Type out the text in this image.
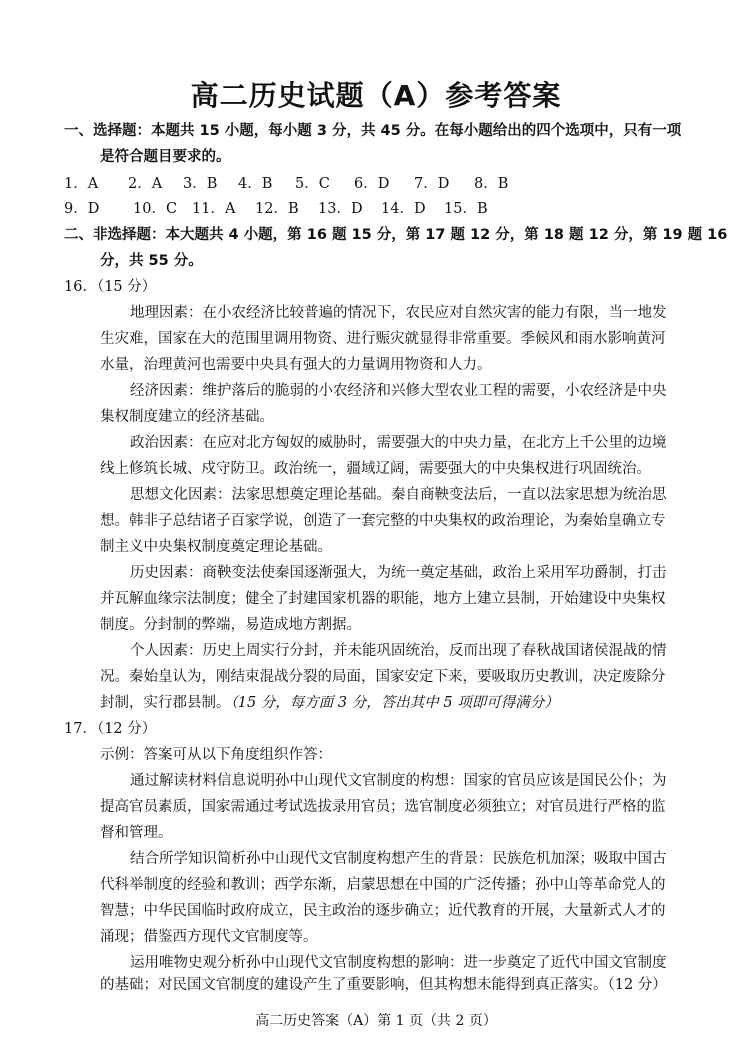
高二历史试题（A）参考答案
一、选择题：本题共 15 小题，每小题 3 分，共 45 分。在每小题给出的四个选项中，只有一项
是符合题目要求的。
1．A 2．A 3．B 4．B 5．C 6．D 7．D 8．B
9．D 10．C 11．A 12．B 13．D 14．D 15．B
二、非选择题：本大题共 4 小题，第 16 题 15 分，第 17 题 12 分，第 18 题 12 分，第 19 题 16
分，共 55 分。
16．（15 分）
地理因素：在小农经济比较普遍的情况下，农民应对自然灾害的能力有限，当一地发
生灾难，国家在大的范围里调用物资、进行赈灾就显得非常重要。季候风和雨水影响黄河
水量，治理黄河也需要中央具有强大的力量调用物资和人力。
经济因素：维护落后的脆弱的小农经济和兴修大型农业工程的需要，小农经济是中央
集权制度建立的经济基础。
政治因素：在应对北方匈奴的威胁时，需要强大的中央力量，在北方上千公里的边境
线上修筑长城、戍守防卫。政治统一，疆域辽阔，需要强大的中央集权进行巩固统治。
思想文化因素：法家思想奠定理论基础。秦自商鞅变法后，一直以法家思想为统治思
想。韩非子总结诸子百家学说，创造了一套完整的中央集权的政治理论，为秦始皇确立专
制主义中央集权制度奠定理论基础。
历史因素：商鞅变法使秦国逐渐强大，为统一奠定基础，政治上采用军功爵制，打击
并瓦解血缘宗法制度；健全了封建国家机器的职能，地方上建立县制，开始建设中央集权
制度。分封制的弊端，易造成地方割据。
个人因素：历史上周实行分封，并未能巩固统治，反而出现了春秋战国诸侯混战的情
况。秦始皇认为，刚结束混战分裂的局面，国家安定下来，要吸取历史教训，决定废除分
封制，实行郡县制。（15 分，每方面 3 分，答出其中 5 项即可得满分）
17．（12 分）
示例：答案可从以下角度组织作答：
通过解读材料信息说明孙中山现代文官制度的构想：国家的官员应该是国民公仆；为
提高官员素质，国家需通过考试选拔录用官员；选官制度必须独立；对官员进行严格的监
督和管理。
结合所学知识简析孙中山现代文官制度构想产生的背景：民族危机加深；吸取中国古
代科举制度的经验和教训；西学东渐，启蒙思想在中国的广泛传播；孙中山等革命党人的
智慧；中华民国临时政府成立，民主政治的逐步确立；近代教育的开展，大量新式人才的
涌现；借鉴西方现代文官制度等。
运用唯物史观分析孙中山现代文官制度构想的影响：进一步奠定了近代中国文官制度
的基础；对民国文官制度的建设产生了重要影响，但其构想未能得到真正落实。（12 分）
高二历史答案（A）第 1 页（共 2 页）
